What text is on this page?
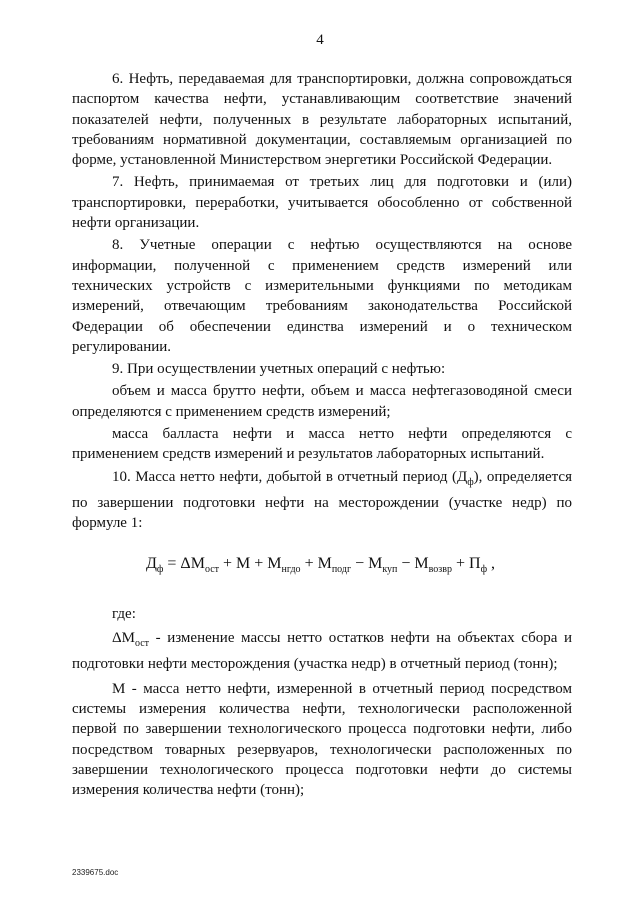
4

6. Нефть, передаваемая для транспортировки, должна сопровождаться паспортом качества нефти, устанавливающим соответствие значений показателей нефти, полученных в результате лабораторных испытаний, требованиям нормативной документации, составляемым организацией по форме, установленной Министерством энергетики Российской Федерации.

7. Нефть, принимаемая от третьих лиц для подготовки и (или) транспортировки, переработки, учитывается обособленно от собственной нефти организации.

8. Учетные операции с нефтью осуществляются на основе информации, полученной с применением средств измерений или технических устройств с измерительными функциями по методикам измерений, отвечающим требованиям законодательства Российской Федерации об обеспечении единства измерений и о техническом регулировании.

9. При осуществлении учетных операций с нефтью:

объем и масса брутто нефти, объем и масса нефтегазоводяной смеси определяются с применением средств измерений;

масса балласта нефти и масса нетто нефти определяются с применением средств измерений и результатов лабораторных испытаний.

10. Масса нетто нефти, добытой в отчетный период $(Д_ф)$, определяется по завершении подготовки нефти на месторождении (участке недр) по формуле 1:

$Д_ф = \Delta М_{ост} + М + М_{нгдо} + М_{подг} - М_{куп} - М_{возвр} + П_ф$ ,

где:

$\Delta М_{ост}$ - изменение массы нетто остатков нефти на объектах сбора и подготовки нефти месторождения (участка недр) в отчетный период (тонн);

М - масса нетто нефти, измеренной в отчетный период посредством системы измерения количества нефти, технологически расположенной первой по завершении технологического процесса подготовки нефти, либо посредством товарных резервуаров, технологически расположенных по завершении технологического процесса подготовки нефти до системы измерения количества нефти (тонн);

2339675.doc
